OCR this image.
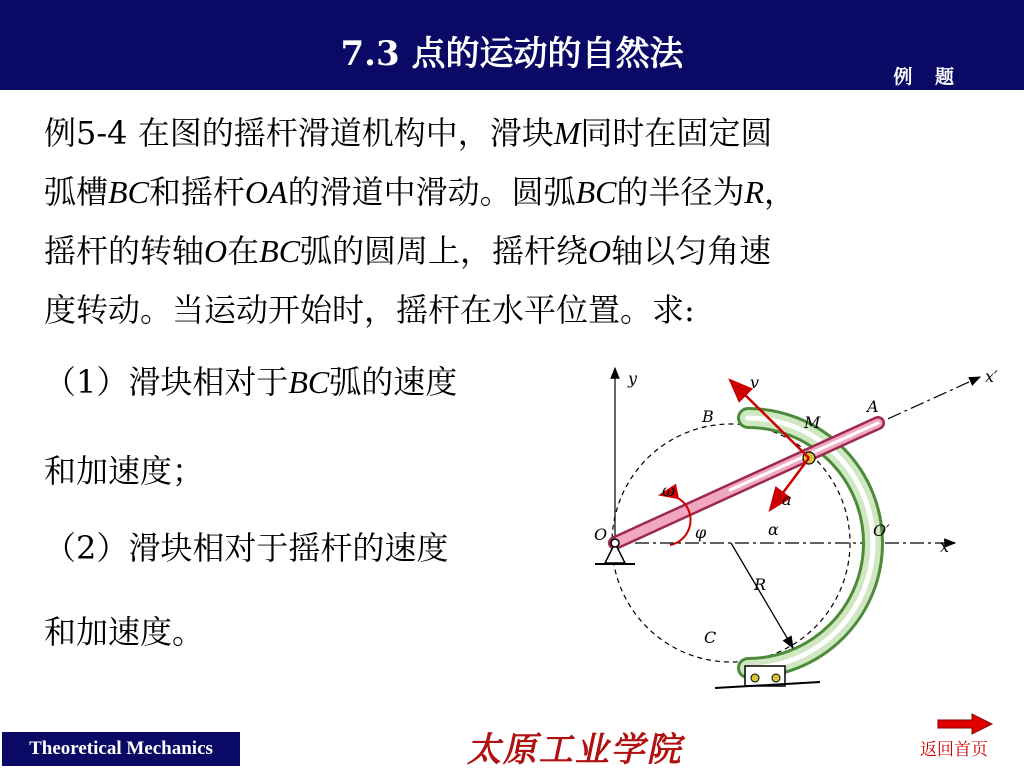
7.3 点的运动的自然法
例 题
例5-4 在图的摇杆滑道机构中，滑块M同时在固定圆
弧槽BC和摇杆OA的滑道中滑动。圆弧BC的半径为R，
摇杆的转轴O在BC弧的圆周上，摇杆绕O轴以匀角速
度转动。当运动开始时，摇杆在水平位置。求:
（1）滑块相对于BC弧的速度
和加速度；
（2）滑块相对于摇杆的速度
和加速度。
y
x
x′
v
A
B	M
ω
φ	α
a
O	O′
R
C
Theoretical Mechanics	太原工业学院	返回首页
